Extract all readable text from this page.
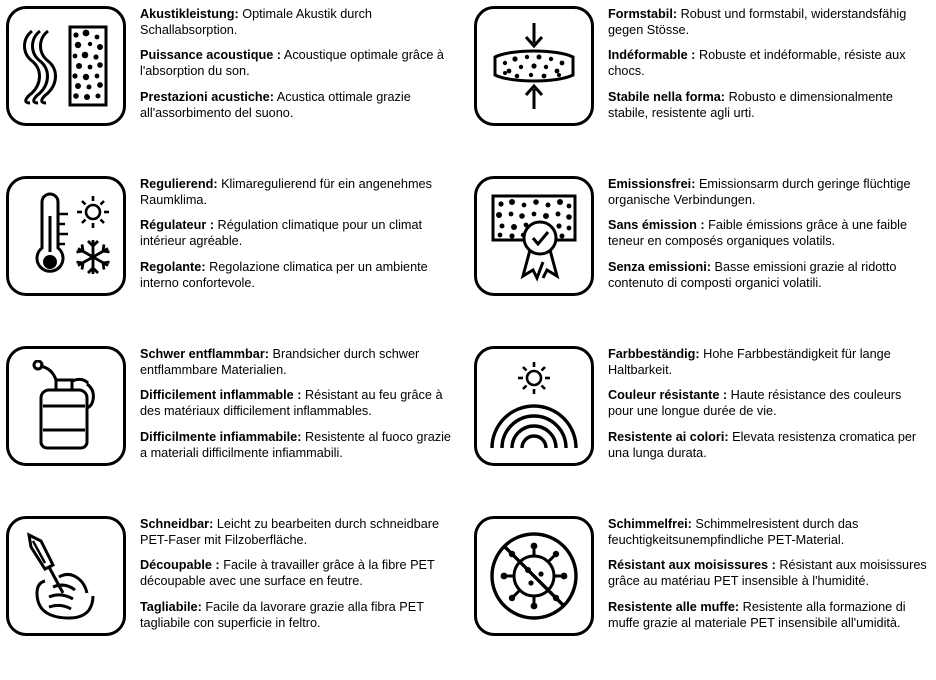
Akustikleistung: Optimale Akustik durch Schallabsorption.
Puissance acoustique : Acoustique optimale grâce à l'absorption du son.
Prestazioni acustiche: Acustica ottimale grazie all'assorbimento del suono.
Formstabil: Robust und formstabil, widerstandsfähig gegen Stösse.
Indéformable : Robuste et indéformable, résiste aux chocs.
Stabile nella forma: Robusto e dimensionalmente stabile, resistente agli urti.
Regulierend: Klimaregulierend für ein angenehmes Raumklima.
Régulateur : Régulation climatique pour un climat intérieur agréable.
Regolante: Regolazione climatica per un ambiente interno confortevole.
Emissionsfrei: Emissionsarm durch geringe flüchtige organische Verbindungen.
Sans émission : Faible émissions grâce à une faible teneur en composés organiques volatils.
Senza emissioni: Basse emissioni grazie al ridotto contenuto di composti organici volatili.
Schwer entflammbar: Brandsicher durch schwer entflammbare Materialien.
Difficilement inflammable : Résistant au feu grâce à des matériaux difficilement inflammables.
Difficilmente infiammabile: Resistente al fuoco grazie a materiali difficilmente infiammabili.
Farbbeständig: Hohe Farbbeständigkeit für lange Haltbarkeit.
Couleur résistante : Haute résistance des couleurs pour une longue durée de vie.
Resistente ai colori: Elevata resistenza cromatica per una lunga durata.
Schneidbar: Leicht zu bearbeiten durch schneidbare PET-Faser mit Filzoberfläche.
Découpable : Facile à travailler grâce à la fibre PET découpable avec une surface en feutre.
Tagliabile: Facile da lavorare grazie alla fibra PET tagliabile con superficie in feltro.
Schimmelfrei: Schimmelresistent durch das feuchtigkeitsunempfindliche PET-Material.
Résistant aux moisissures : Résistant aux moisissures grâce au matériau PET insensible à l'humidité.
Resistente alle muffe: Resistente alla formazione di muffe grazie al materiale PET insensibile all'umidità.
